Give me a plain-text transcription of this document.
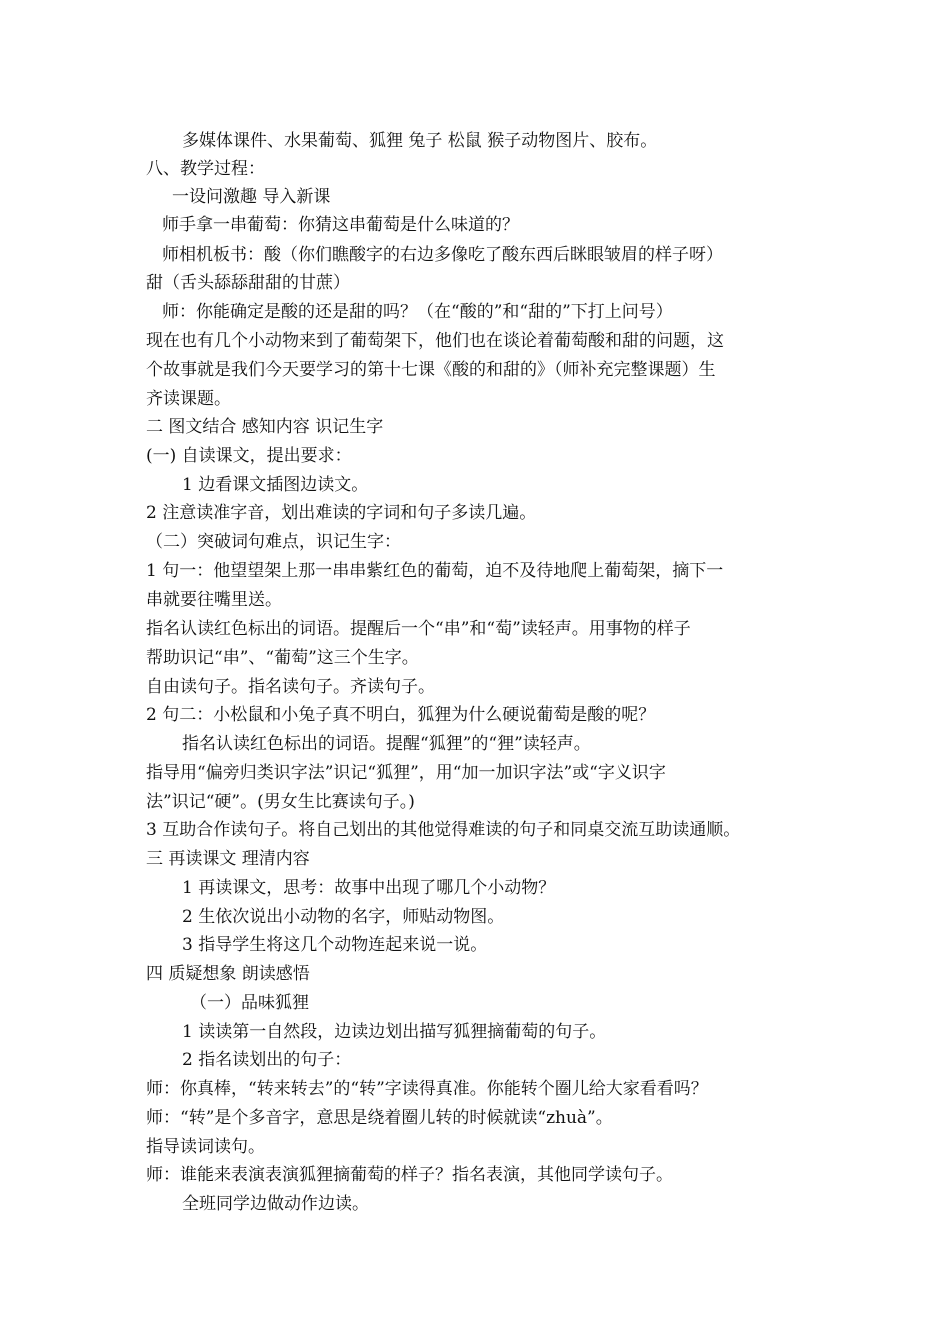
多媒体课件、水果葡萄、狐狸 兔子 松鼠 猴子动物图片、胶布。
八、教学过程：
一设问激趣 导入新课
师手拿一串葡萄：你猜这串葡萄是什么味道的？
师相机板书：酸（你们瞧酸字的右边多像吃了酸东西后眯眼皱眉的样子呀）
甜（舌头舔舔甜甜的甘蔗）
师：你能确定是酸的还是甜的吗？（在“酸的”和“甜的”下打上问号）
现在也有几个小动物来到了葡萄架下，他们也在谈论着葡萄酸和甜的问题，这
个故事就是我们今天要学习的第十七课《酸的和甜的》（师补充完整课题）生
齐读课题。
二 图文结合 感知内容 识记生字
(一) 自读课文，提出要求：
1 边看课文插图边读文。
2 注意读准字音，划出难读的字词和句子多读几遍。
（二）突破词句难点，识记生字：
1 句一：他望望架上那一串串紫红色的葡萄，迫不及待地爬上葡萄架，摘下一
串就要往嘴里送。
指名认读红色标出的词语。提醒后一个“串”和“萄”读轻声。用事物的样子
帮助识记“串”、“葡萄”这三个生字。
自由读句子。指名读句子。齐读句子。
2 句二：小松鼠和小兔子真不明白，狐狸为什么硬说葡萄是酸的呢？
指名认读红色标出的词语。提醒“狐狸”的“狸”读轻声。
指导用“偏旁归类识字法”识记“狐狸”，用“加一加识字法”或“字义识字
法”识记“硬”。(男女生比赛读句子。)
3 互助合作读句子。将自己划出的其他觉得难读的句子和同桌交流互助读通顺。
三 再读课文 理清内容
1 再读课文，思考：故事中出现了哪几个小动物？
2 生依次说出小动物的名字，师贴动物图。
3 指导学生将这几个动物连起来说一说。
四 质疑想象 朗读感悟
（一）品味狐狸
1 读读第一自然段，边读边划出描写狐狸摘葡萄的句子。
2 指名读划出的句子：
师：你真棒，“转来转去”的“转”字读得真准。你能转个圈儿给大家看看吗？
师：“转”是个多音字，意思是绕着圈儿转的时候就读“zhuà”。
指导读词读句。
师：谁能来表演表演狐狸摘葡萄的样子？指名表演，其他同学读句子。
全班同学边做动作边读。
